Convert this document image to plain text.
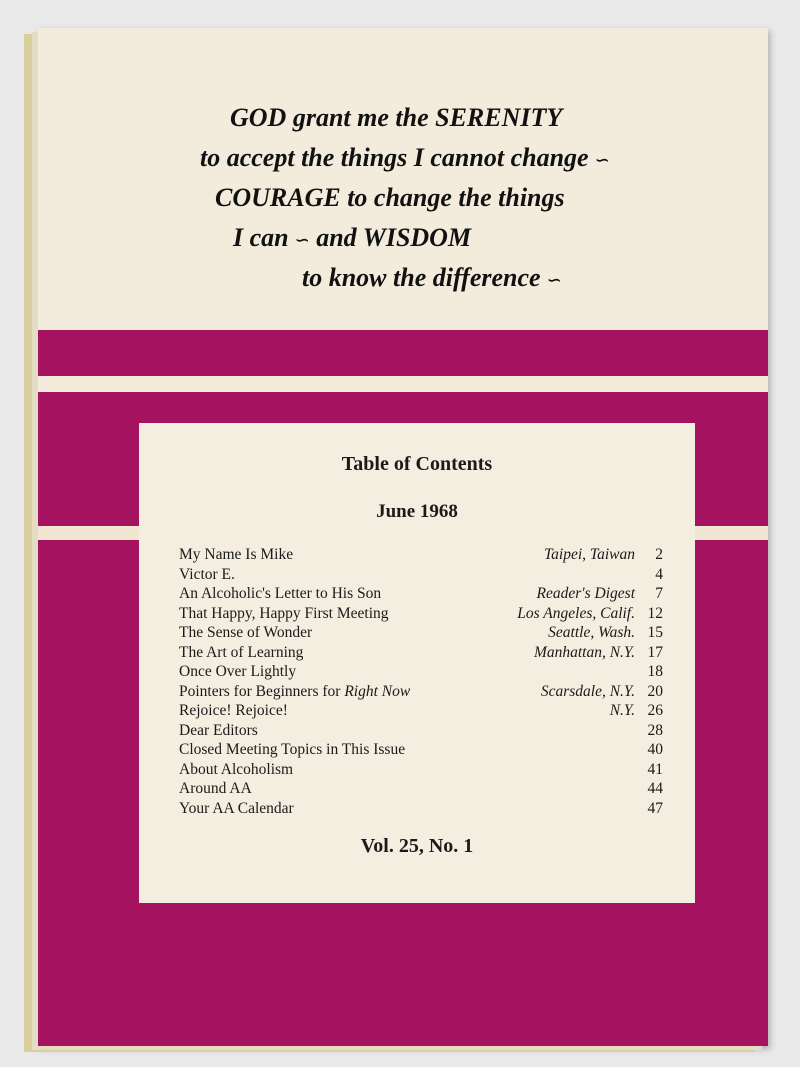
GOD grant me the SERENITY
to accept the things I cannot change ∽
COURAGE to change the things
I can ∽ and WISDOM
to know the difference ∽
Table of Contents
June 1968
My Name Is Mike	Taipei, Taiwan	2
Victor E.	4
An Alcoholic's Letter to His Son	Reader's Digest	7
That Happy, Happy First Meeting	Los Angeles, Calif. 12
The Sense of Wonder	Seattle, Wash. 15
The Art of Learning	Manhattan, N.Y. 17
Once Over Lightly	18
Pointers for Beginners for Right Now	Scarsdale, N.Y. 20
Rejoice! Rejoice!	N.Y. 26
Dear Editors	28
Closed Meeting Topics in This Issue	40
About Alcoholism	41
Around AA	44
Your AA Calendar	47
Vol. 25, No. 1
